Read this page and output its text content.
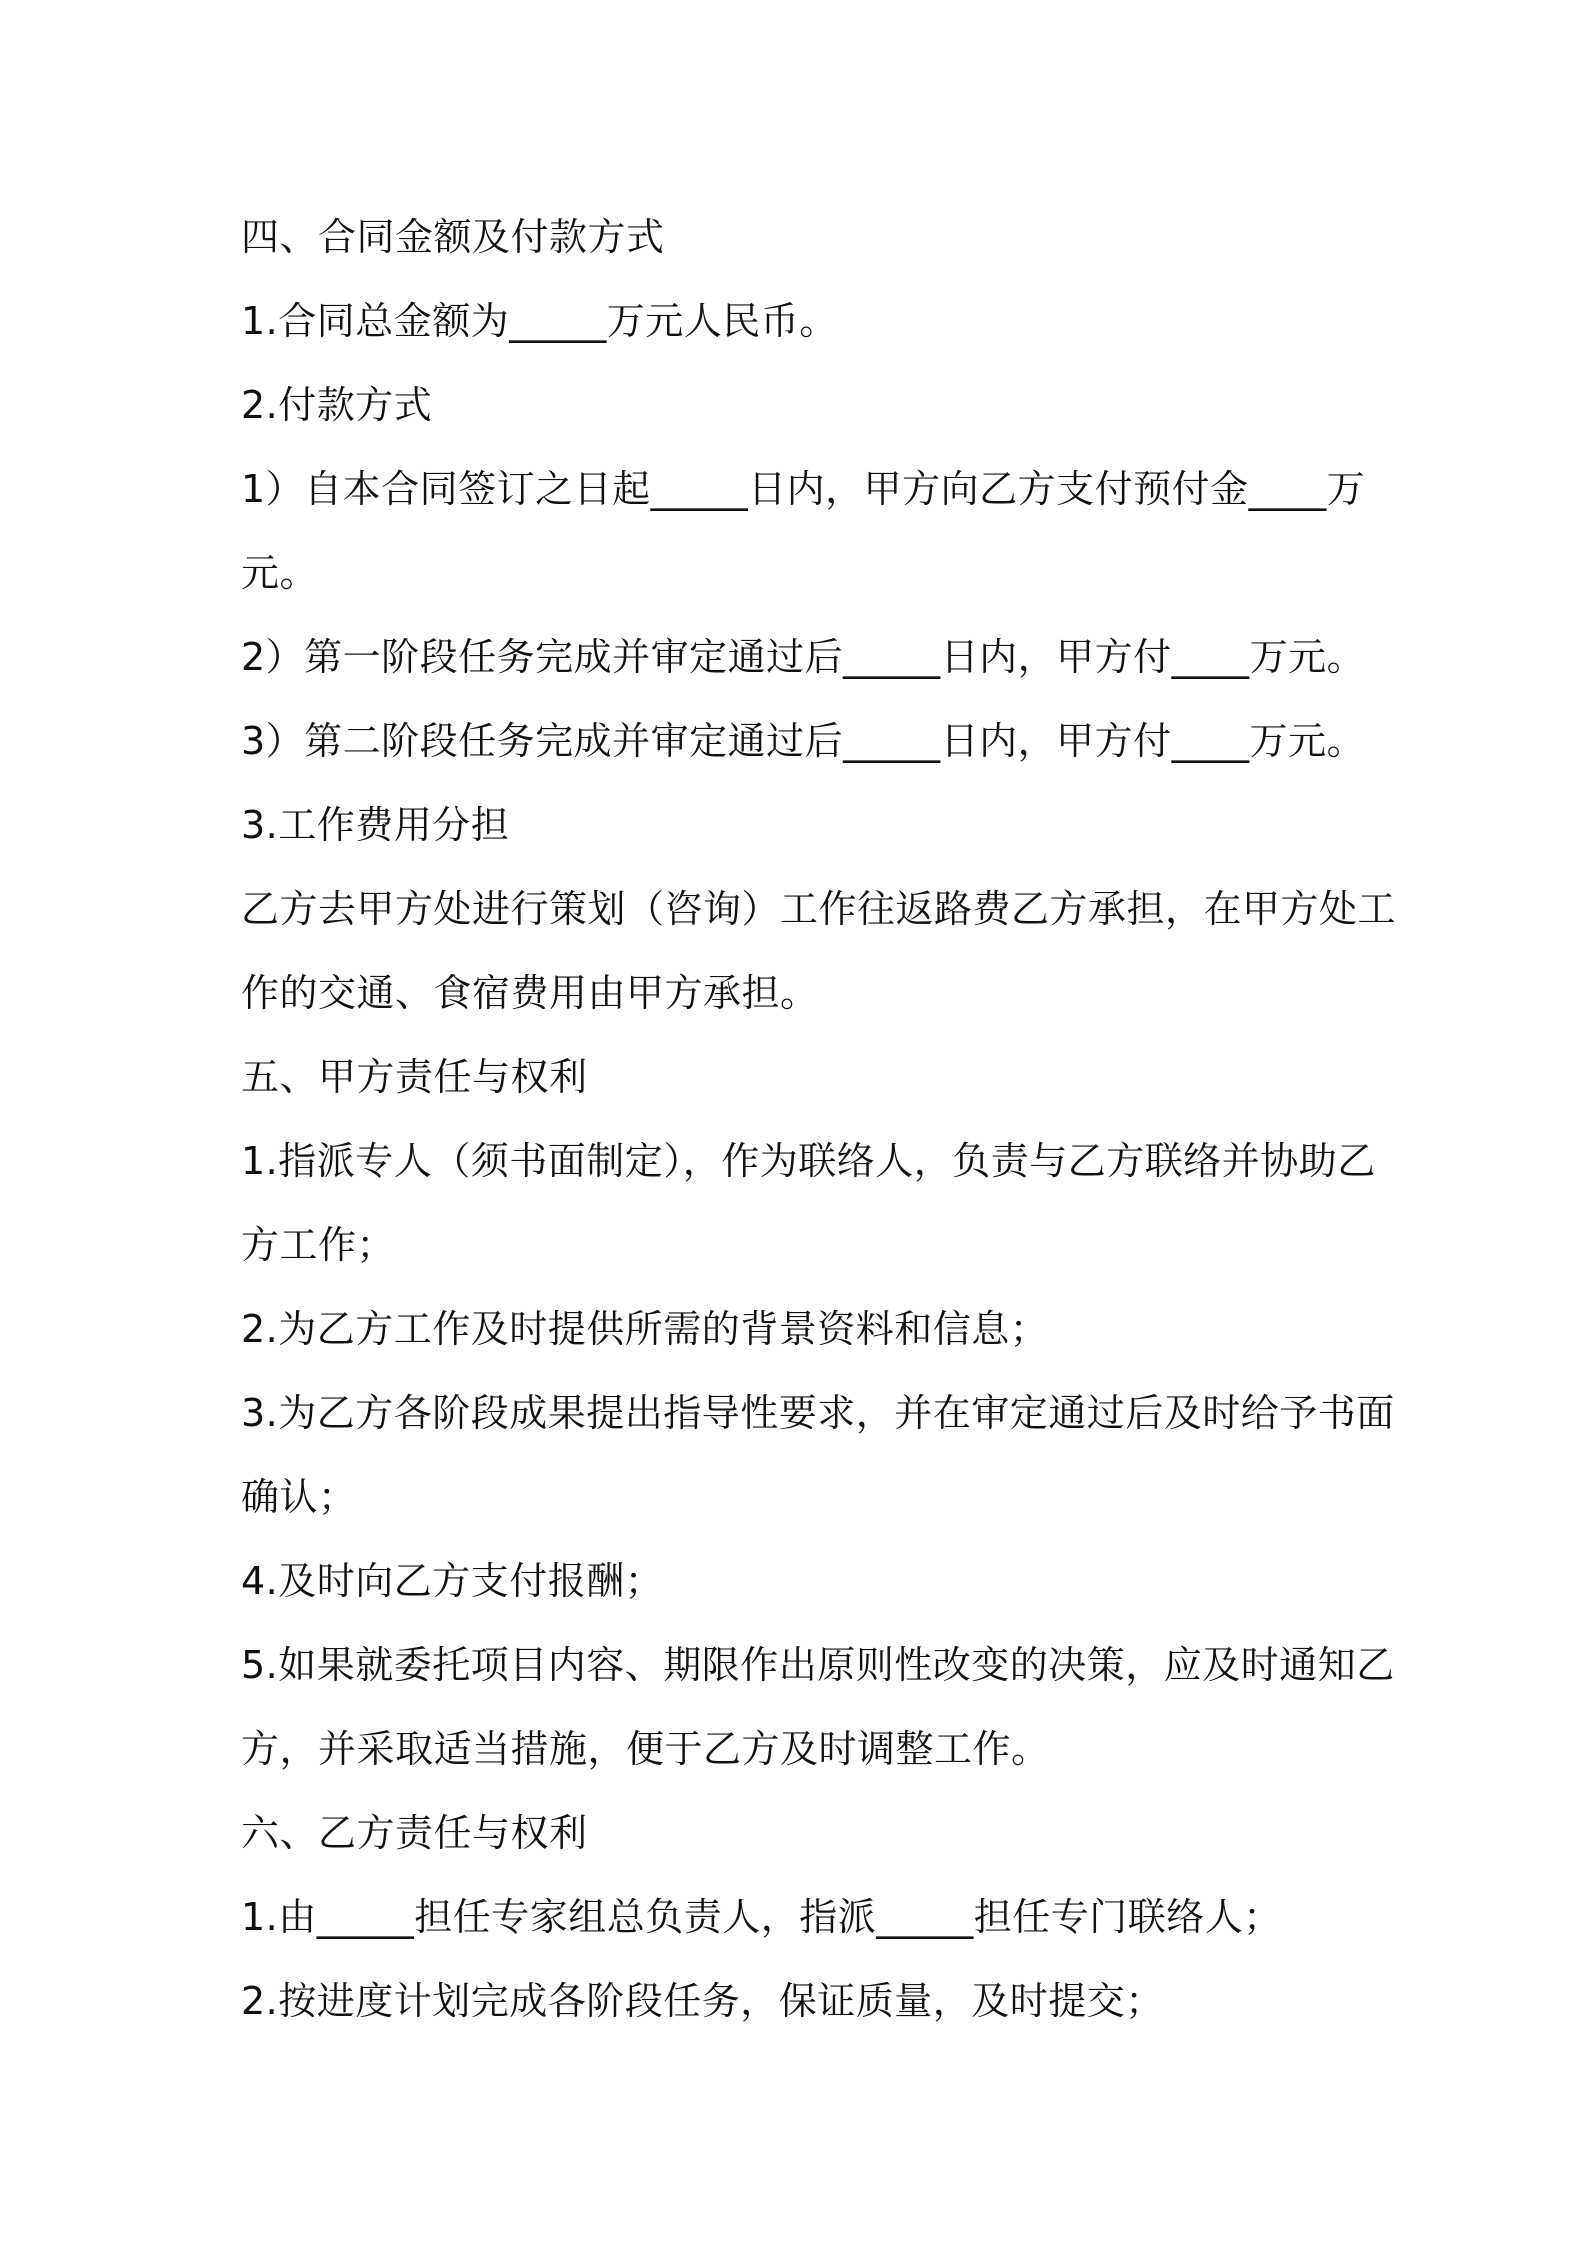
四、合同金额及付款方式
1.合同总金额为_____万元人民币。
2.付款方式
1）自本合同签订之日起_____日内，甲方向乙方支付预付金____万
元。
2）第一阶段任务完成并审定通过后_____日内，甲方付____万元。
3）第二阶段任务完成并审定通过后_____日内，甲方付____万元。
3.工作费用分担
乙方去甲方处进行策划（咨询）工作往返路费乙方承担，在甲方处工
作的交通、食宿费用由甲方承担。
五、甲方责任与权利
1.指派专人（须书面制定），作为联络人，负责与乙方联络并协助乙
方工作；
2.为乙方工作及时提供所需的背景资料和信息；
3.为乙方各阶段成果提出指导性要求，并在审定通过后及时给予书面
确认；
4.及时向乙方支付报酬；
5.如果就委托项目内容、期限作出原则性改变的决策，应及时通知乙
方，并采取适当措施，便于乙方及时调整工作。
六、乙方责任与权利
1.由_____担任专家组总负责人，指派_____担任专门联络人；
2.按进度计划完成各阶段任务，保证质量，及时提交；
